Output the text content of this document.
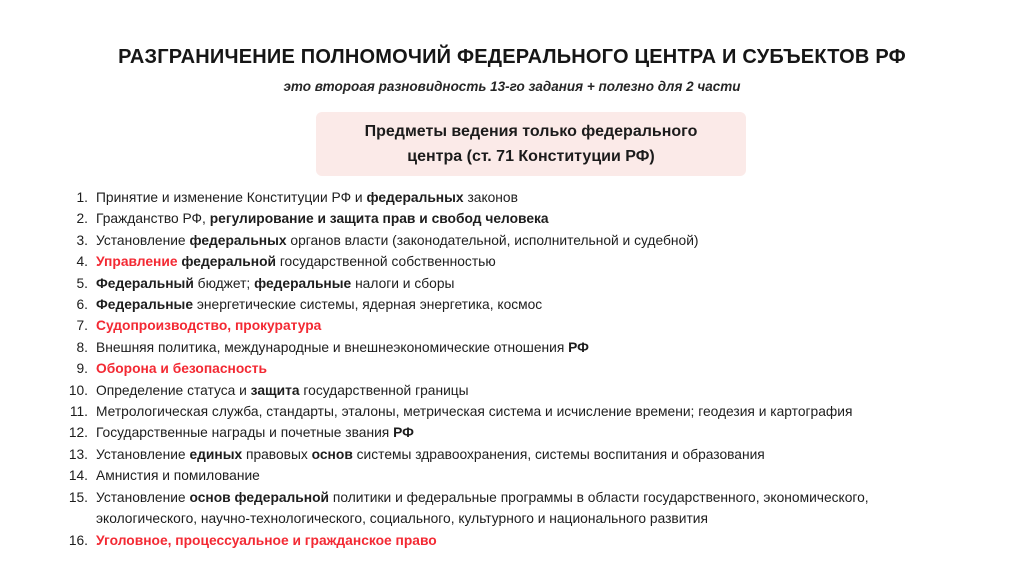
РАЗГРАНИЧЕНИЕ ПОЛНОМОЧИЙ ФЕДЕРАЛЬНОГО ЦЕНТРА И СУБЪЕКТОВ РФ
это второая разновидность 13-го задания + полезно для 2 части
Предметы ведения только федерального
центра (ст. 71 Конституции РФ)
1. Принятие и изменение Конституции РФ и федеральных законов
2. Гражданство РФ, регулирование и защита прав и свобод человека
3. Установление федеральных органов власти (законодательной, исполнительной и судебной)
4. Управление федеральной государственной собственностью
5. Федеральный бюджет; федеральные налоги и сборы
6. Федеральные энергетические системы, ядерная энергетика, космос
7. Судопроизводство, прокуратура
8. Внешняя политика, международные и внешнеэкономические отношения РФ
9. Оборона и безопасность
10. Определение статуса и защита государственной границы
11. Метрологическая служба, стандарты, эталоны, метрическая система и исчисление времени; геодезия и картография
12. Государственные награды и почетные звания РФ
13. Установление единых правовых основ системы здравоохранения, системы воспитания и образования
14. Амнистия и помилование
15. Установление основ федеральной политики и федеральные программы в области государственного, экономического,
экологического, научно-технологического, социального, культурного и национального развития
16. Уголовное, процессуальное и гражданское право
